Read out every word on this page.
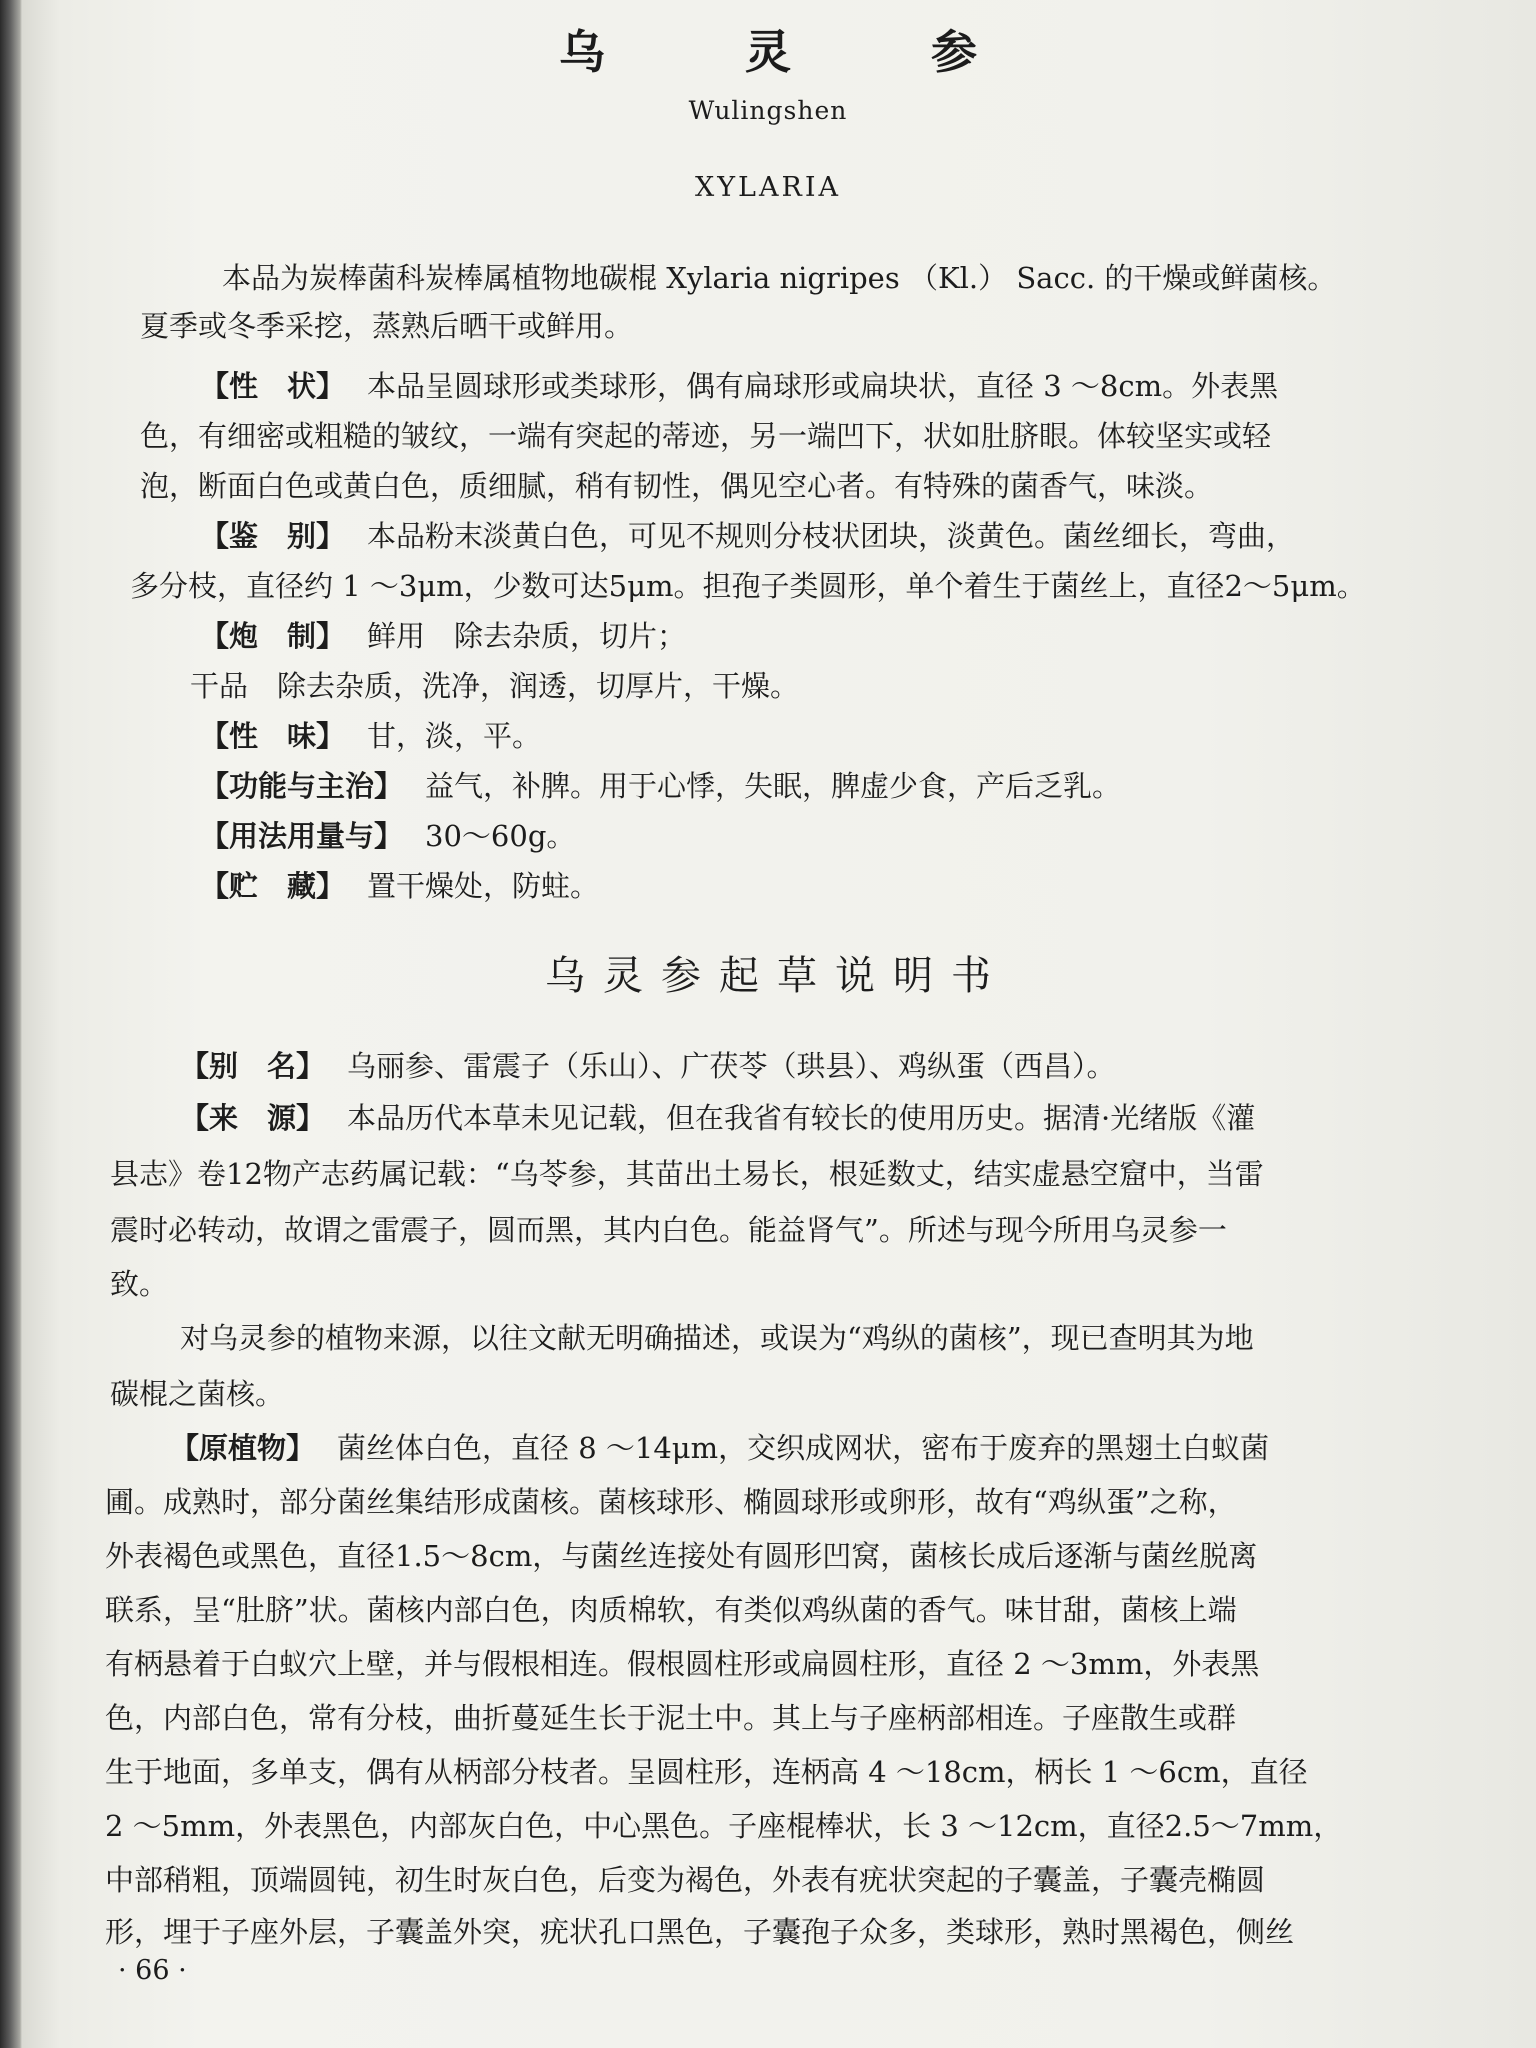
乌 灵 参
Wulingshen
XYLARIA
本品为炭棒菌科炭棒属植物地碳棍 Xylaria nigripes （Kl.） Sacc. 的干燥或鲜菌核。
夏季或冬季采挖，蒸熟后晒干或鲜用。
【性　状】 本品呈圆球形或类球形，偶有扁球形或扁块状，直径 3 ～8cm。外表黑
色，有细密或粗糙的皱纹，一端有突起的蒂迹，另一端凹下，状如肚脐眼。体较坚实或轻
泡，断面白色或黄白色，质细腻，稍有韧性，偶见空心者。有特殊的菌香气，味淡。
【鉴　别】 本品粉末淡黄白色，可见不规则分枝状团块，淡黄色。菌丝细长，弯曲，
多分枝，直径约 1 ～3μm，少数可达5μm。担孢子类圆形，单个着生于菌丝上，直径2～5μm。
【炮　制】 鲜用　除去杂质，切片；
干品　除去杂质，洗净，润透，切厚片，干燥。
【性　味】 甘，淡，平。
【功能与主治】 益气，补脾。用于心悸，失眠，脾虚少食，产后乏乳。
【用法用量与】 30～60g。
【贮　藏】 置干燥处，防蛀。
乌灵参起草说明书
【别　名】 乌丽参、雷震子（乐山）、广茯苓（珙县）、鸡纵蛋（西昌）。
【来　源】 本品历代本草未见记载，但在我省有较长的使用历史。据清·光绪版《灌
县志》卷12物产志药属记载：“乌苓参，其苗出土易长，根延数丈，结实虚悬空窟中，当雷
震时必转动，故谓之雷震子，圆而黑，其内白色。能益肾气”。所述与现今所用乌灵参一
致。
对乌灵参的植物来源，以往文献无明确描述，或误为“鸡纵的菌核”，现已查明其为地
碳棍之菌核。
【原植物】 菌丝体白色，直径 8 ～14μm，交织成网状，密布于废弃的黑翅土白蚁菌
圃。成熟时，部分菌丝集结形成菌核。菌核球形、椭圆球形或卵形，故有“鸡纵蛋”之称，
外表褐色或黑色，直径1.5～8cm，与菌丝连接处有圆形凹窝，菌核长成后逐渐与菌丝脱离
联系，呈“肚脐”状。菌核内部白色，肉质棉软，有类似鸡纵菌的香气。味甘甜，菌核上端
有柄悬着于白蚁穴上壁，并与假根相连。假根圆柱形或扁圆柱形，直径 2 ～3mm，外表黑
色，内部白色，常有分枝，曲折蔓延生长于泥土中。其上与子座柄部相连。子座散生或群
生于地面，多单支，偶有从柄部分枝者。呈圆柱形，连柄高 4 ～18cm，柄长 1 ～6cm，直径
2 ～5mm，外表黑色，内部灰白色，中心黑色。子座棍棒状，长 3 ～12cm，直径2.5～7mm，
中部稍粗，顶端圆钝，初生时灰白色，后变为褐色，外表有疣状突起的子囊盖，子囊壳椭圆
形，埋于子座外层，子囊盖外突，疣状孔口黑色，子囊孢子众多，类球形，熟时黑褐色，侧丝
· 66 ·
